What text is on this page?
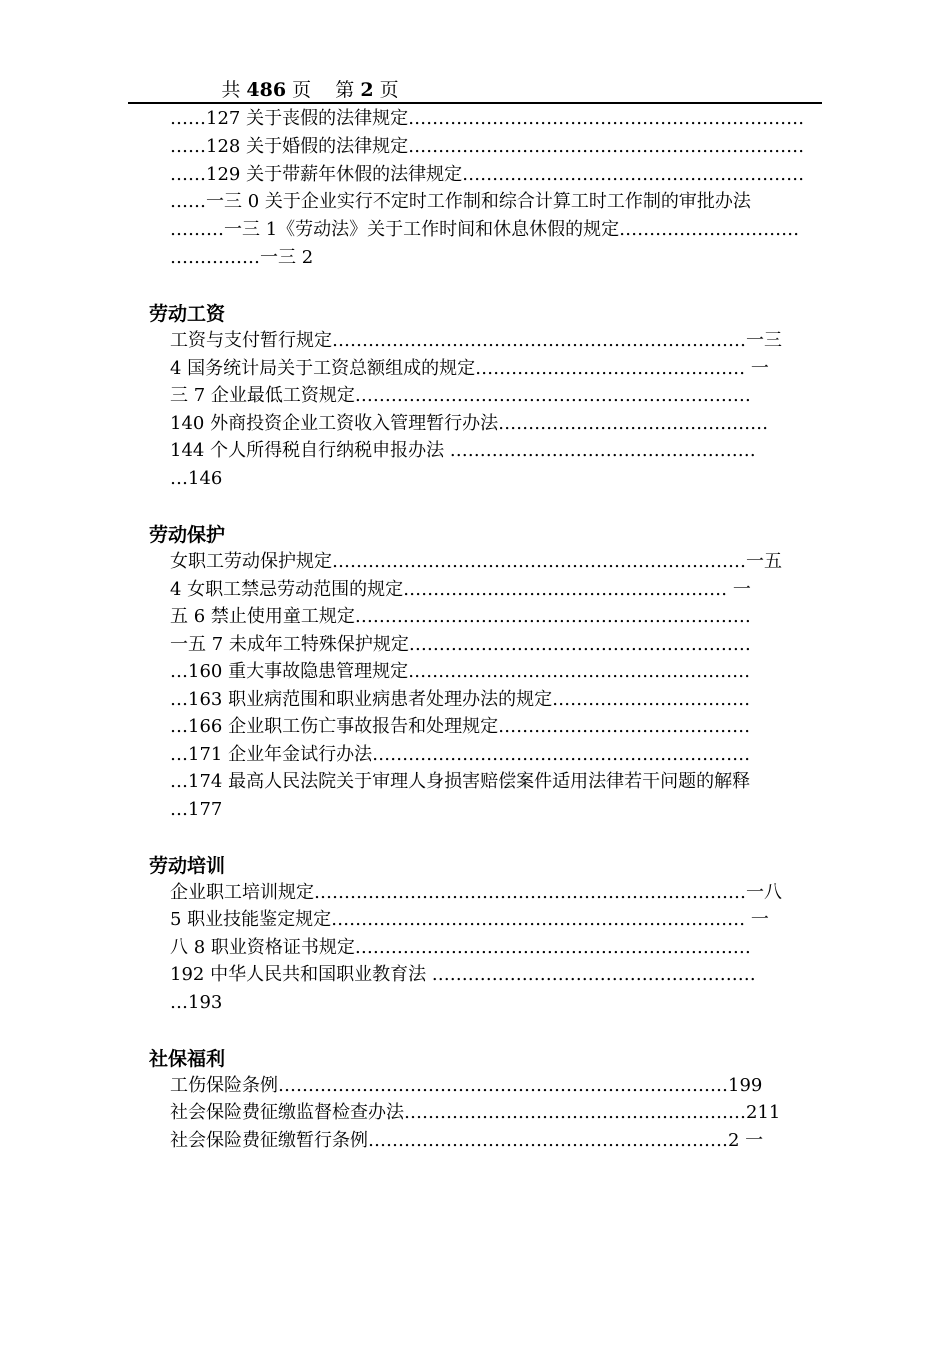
共 486 页 第 2 页
……127 关于丧假的法律规定…………………………………………………………
……128 关于婚假的法律规定…………………………………………………………
……129 关于带薪年休假的法律规定…………………………………………………
……一三 0 关于企业实行不定时工作制和综合计算工时工作制的审批办法
………一三 1《劳动法》关于工作时间和休息休假的规定…………………………
……………一三 2
劳动工资
工资与支付暂行规定……………………………………………………………一三
4 国务统计局关于工资总额组成的规定……………………………………… 一
三 7 企业最低工资规定…………………………………………………………
140 外商投资企业工资收入管理暂行办法………………………………………
144 个人所得税自行纳税申报办法 ……………………………………………
…146
劳动保护
女职工劳动保护规定……………………………………………………………一五
4 女职工禁忌劳动范围的规定……………………………………………… 一
五 6 禁止使用童工规定…………………………………………………………
一五 7 未成年工特殊保护规定…………………………………………………
…160 重大事故隐患管理规定…………………………………………………
…163 职业病范围和职业病患者处理办法的规定……………………………
…166 企业职工伤亡事故报告和处理规定……………………………………
…171 企业年金试行办法………………………………………………………
…174 最高人民法院关于审理人身损害赔偿案件适用法律若干问题的解释
…177
劳动培训
企业职工培训规定………………………………………………………………一八
5 职业技能鉴定规定…………………………………………………………… 一
八 8 职业资格证书规定…………………………………………………………
192 中华人民共和国职业教育法 ………………………………………………
…193
社保福利
工伤保险条例…………………………………………………………………199
社会保险费征缴监督检查办法…………………………………………………211
社会保险费征缴暂行条例……………………………………………………2 一
